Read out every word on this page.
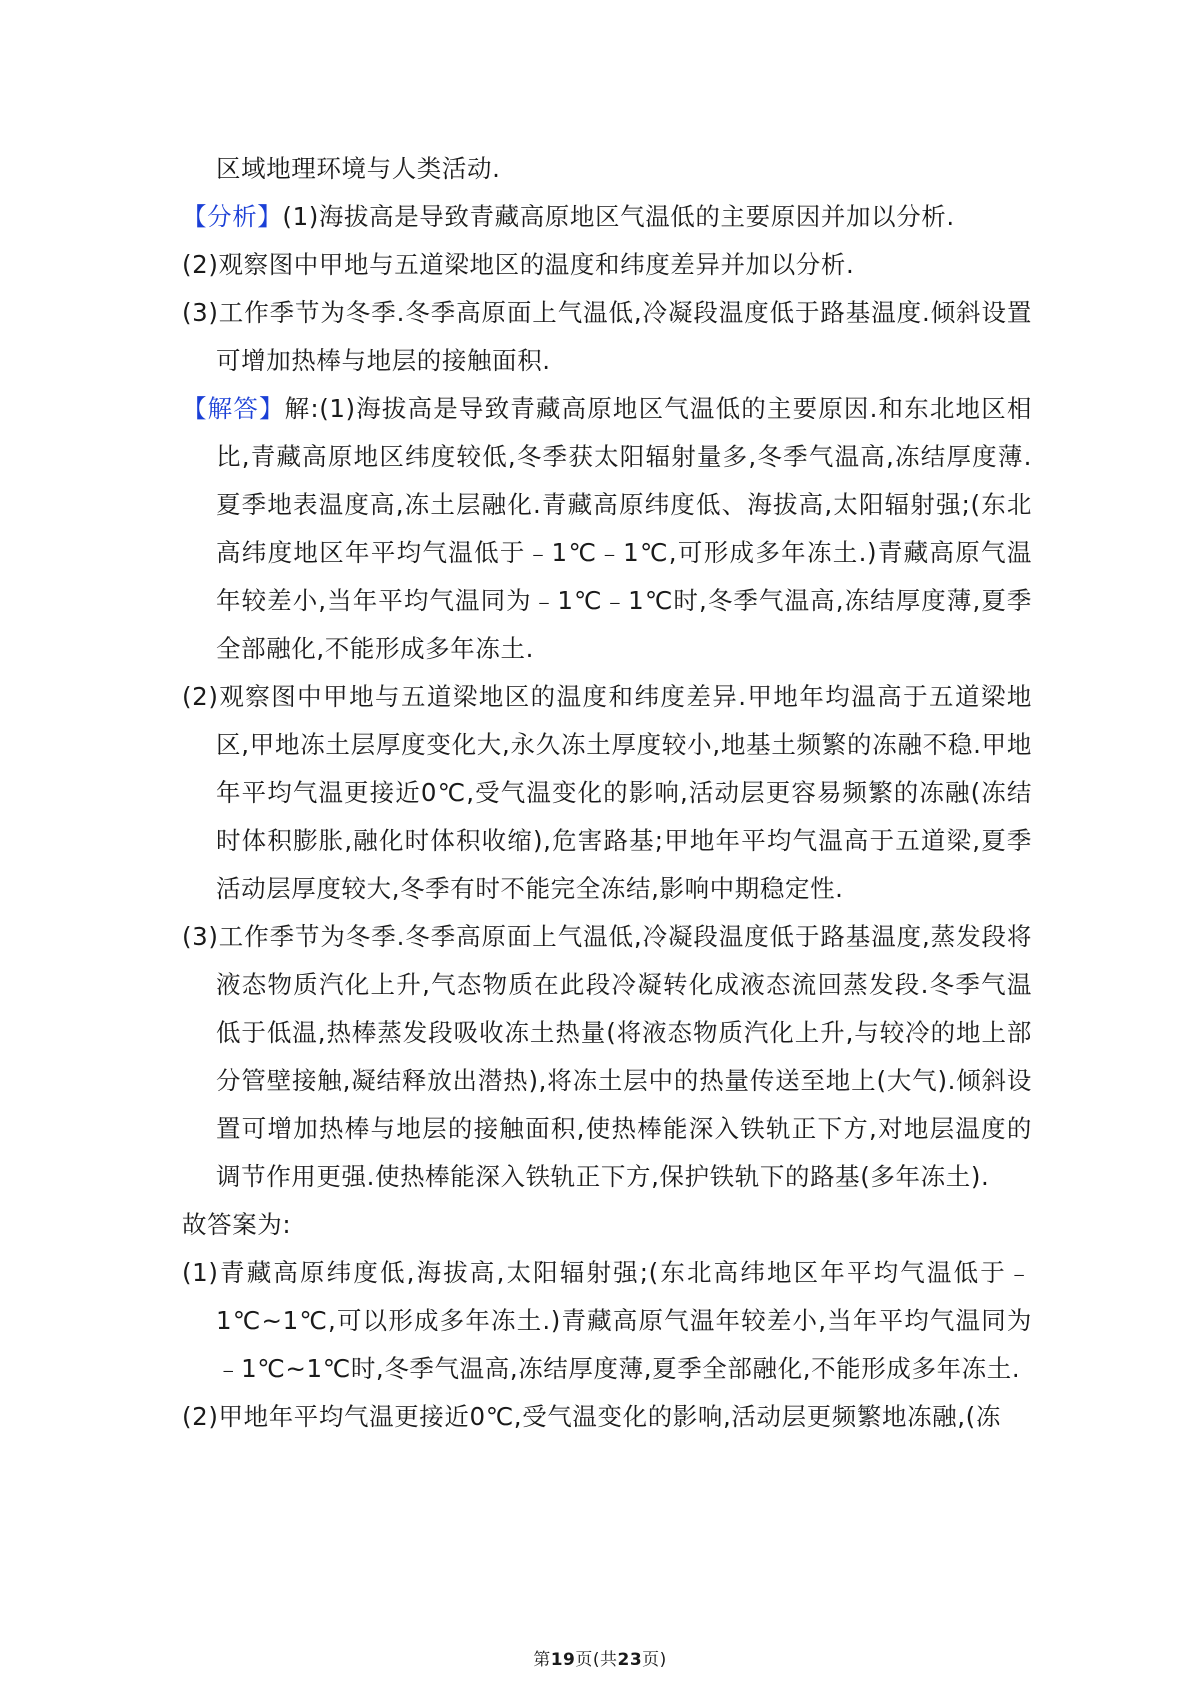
区域地理环境与人类活动.

【分析】(1)海拔高是导致青藏高原地区气温低的主要原因并加以分析.

(2)观察图中甲地与五道梁地区的温度和纬度差异并加以分析.

(3)工作季节为冬季.冬季高原面上气温低,冷凝段温度低于路基温度.倾斜设置可增加热棒与地层的接触面积.

【解答】解:(1)海拔高是导致青藏高原地区气温低的主要原因.和东北地区相比,青藏高原地区纬度较低,冬季获太阳辐射量多,冬季气温高,冻结厚度薄.夏季地表温度高,冻土层融化.青藏高原纬度低、海拔高,太阳辐射强;(东北高纬度地区年平均气温低于﹣1℃﹣1℃,可形成多年冻土.)青藏高原气温年较差小,当年平均气温同为﹣1℃﹣1℃时,冬季气温高,冻结厚度薄,夏季全部融化,不能形成多年冻土.

(2)观察图中甲地与五道梁地区的温度和纬度差异.甲地年均温高于五道梁地区,甲地冻土层厚度变化大,永久冻土厚度较小,地基土频繁的冻融不稳.甲地年平均气温更接近0℃,受气温变化的影响,活动层更容易频繁的冻融(冻结时体积膨胀,融化时体积收缩),危害路基;甲地年平均气温高于五道梁,夏季活动层厚度较大,冬季有时不能完全冻结,影响中期稳定性.

(3)工作季节为冬季.冬季高原面上气温低,冷凝段温度低于路基温度,蒸发段将液态物质汽化上升,气态物质在此段冷凝转化成液态流回蒸发段.冬季气温低于低温,热棒蒸发段吸收冻土热量(将液态物质汽化上升,与较冷的地上部分管壁接触,凝结释放出潜热),将冻土层中的热量传送至地上(大气).倾斜设置可增加热棒与地层的接触面积,使热棒能深入铁轨正下方,对地层温度的调节作用更强.使热棒能深入铁轨正下方,保护铁轨下的路基(多年冻土).

故答案为:

(1)青藏高原纬度低,海拔高,太阳辐射强;(东北高纬地区年平均气温低于﹣1℃~1℃,可以形成多年冻土.)青藏高原气温年较差小,当年平均气温同为﹣1℃~1℃时,冬季气温高,冻结厚度薄,夏季全部融化,不能形成多年冻土.

(2)甲地年平均气温更接近0℃,受气温变化的影响,活动层更频繁地冻融,(冻

第19页(共23页)
